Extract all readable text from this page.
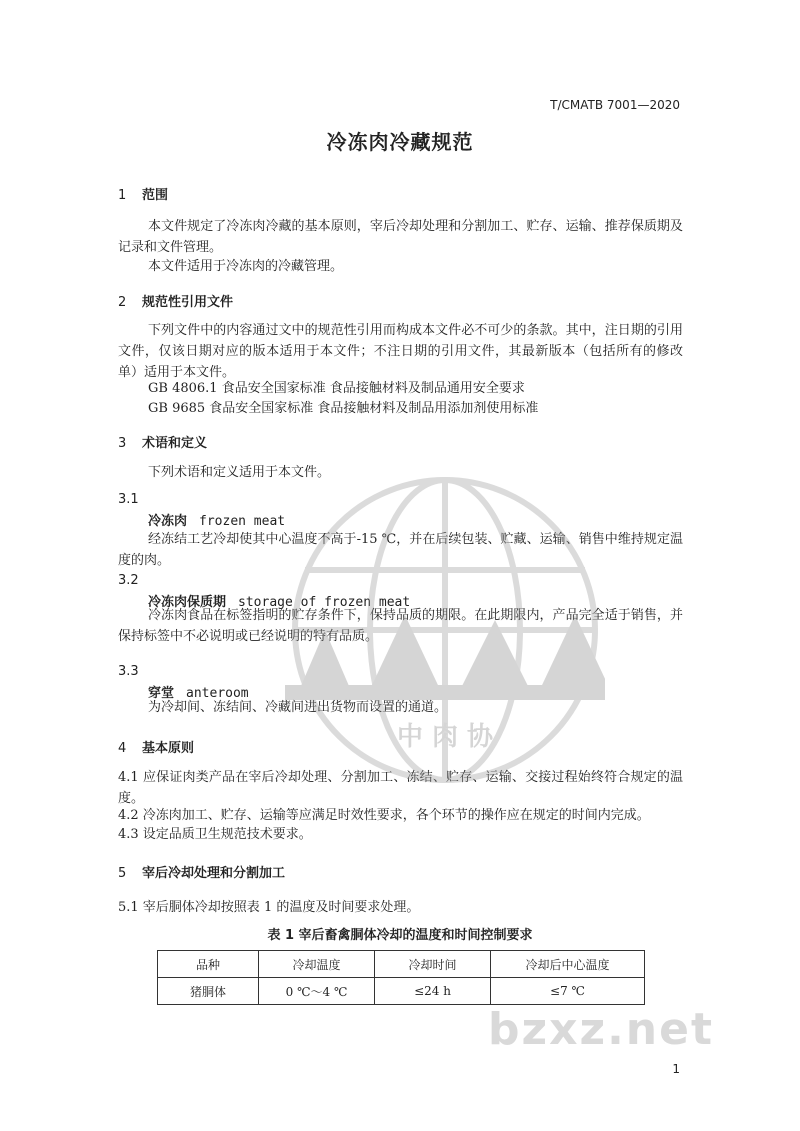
T/CMATB 7001—2020
冷冻肉冷藏规范
1 范围
本文件规定了冷冻肉冷藏的基本原则，宰后冷却处理和分割加工、贮存、运输、推荐保质期及记录和文件管理。
本文件适用于冷冻肉的冷藏管理。
2 规范性引用文件
下列文件中的内容通过文中的规范性引用而构成本文件必不可少的条款。其中，注日期的引用文件，仅该日期对应的版本适用于本文件；不注日期的引用文件，其最新版本（包括所有的修改单）适用于本文件。
GB 4806.1 食品安全国家标准 食品接触材料及制品通用安全要求
GB 9685 食品安全国家标准 食品接触材料及制品用添加剂使用标准
3 术语和定义
下列术语和定义适用于本文件。
3.1
冷冻肉 frozen meat
经冻结工艺冷却使其中心温度不高于-15 ℃，并在后续包装、贮藏、运输、销售中维持规定温度的肉。
3.2
冷冻肉保质期 storage of frozen meat
冷冻肉食品在标签指明的贮存条件下，保持品质的期限。在此期限内，产品完全适于销售，并保持标签中不必说明或已经说明的特有品质。
3.3
穿堂 anteroom
为冷却间、冻结间、冷藏间进出货物而设置的通道。
4 基本原则
4.1 应保证肉类产品在宰后冷却处理、分割加工、冻结、贮存、运输、交接过程始终符合规定的温度。
4.2 冷冻肉加工、贮存、运输等应满足时效性要求，各个环节的操作应在规定的时间内完成。
4.3 设定品质卫生规范技术要求。
5 宰后冷却处理和分割加工
5.1 宰后胴体冷却按照表 1 的温度及时间要求处理。
表 1 宰后畜禽胴体冷却的温度和时间控制要求
品种	冷却温度	冷却时间	冷却后中心温度
猪胴体	0 ℃～4 ℃	≤24 h	≤7 ℃
1
中 肉 协
bzxz.net
